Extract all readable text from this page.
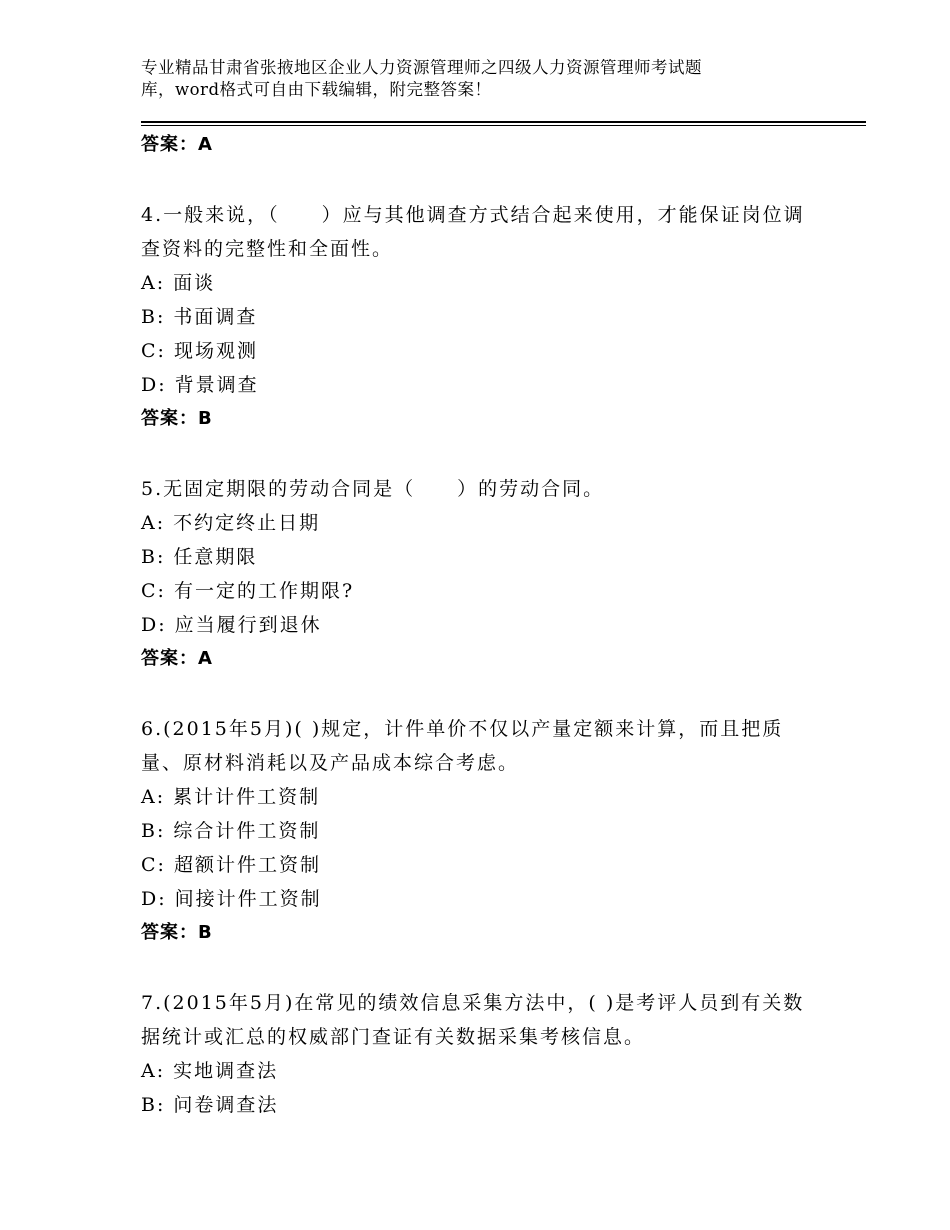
专业精品甘肃省张掖地区企业人力资源管理师之四级人力资源管理师考试题
库，word格式可自由下载编辑，附完整答案！
答案：A
4.一般来说，（　　）应与其他调查方式结合起来使用，才能保证岗位调查资料的完整性和全面性。
A: 面谈
B: 书面调查
C: 现场观测
D: 背景调查
答案：B
5.无固定期限的劳动合同是（　　）的劳动合同。
A: 不约定终止日期
B: 任意期限
C: 有一定的工作期限?
D: 应当履行到退休
答案：A
6.(2015年5月)( )规定，计件单价不仅以产量定额来计算，而且把质量、原材料消耗以及产品成本综合考虑。
A: 累计计件工资制
B: 综合计件工资制
C: 超额计件工资制
D: 间接计件工资制
答案：B
7.(2015年5月)在常见的绩效信息采集方法中，( )是考评人员到有关数据统计或汇总的权威部门查证有关数据采集考核信息。
A: 实地调查法
B: 问卷调查法
